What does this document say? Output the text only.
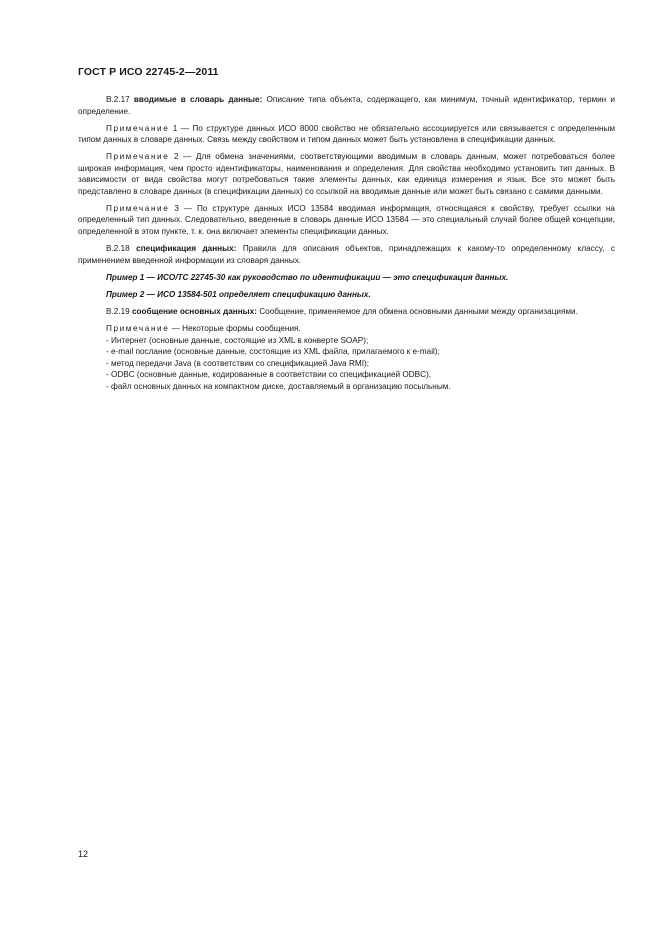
ГОСТ Р ИСО 22745-2—2011

B.2.17 вводимые в словарь данные: Описание типа объекта, содержащего, как минимум, точный идентификатор, термин и определение.

Примечание 1 — По структуре данных ИСО 8000 свойство не обязательно ассоциируется или связывается с определенным типом данных в словаре данных. Связь между свойством и типом данных может быть установлена в спецификации данных.

Примечание 2 — Для обмена значениями, соответствующими вводимым в словарь данным, может потребоваться более широкая информация, чем просто идентификаторы, наименования и определения. Для свойства необходимо установить тип данных. В зависимости от вида свойства могут потребоваться такие элементы данных, как единица измерения и язык. Все это может быть представлено в словаре данных (в спецификации данных) со ссылкой на вводимые данные или может быть связано с самими данными.

Примечание 3 — По структуре данных ИСО 13584 вводимая информация, относящаяся к свойству, требует ссылки на определенный тип данных. Следовательно, введенные в словарь данные ИСО 13584 — это специальный случай более общей концепции, определенной в этом пункте, т. к. она включает элементы спецификации данных.

B.2.18 спецификация данных: Правила для описания объектов, принадлежащих к какому-то определенному классу, с применением введенной информации из словаря данных.

Пример 1 — ИСО/ТС 22745-30 как руководство по идентификации — это спецификация данных.

Пример 2 — ИСО 13584-501 определяет спецификацию данных.

B.2.19 сообщение основных данных: Сообщение, применяемое для обмена основными данными между организациями.

Примечание — Некоторые формы сообщения.

- Интернет (основные данные, состоящие из XML в конверте SOAP);
- e-mail послание (основные данные, состоящие из XML файла, прилагаемого к e-mail);
- метод передачи Java (в соответствии со спецификацией Java RMI);
- ODBC (основные данные, кодированные в соответствии со спецификацией ODBC),
- файл основных данных на компактном диске, доставляемый в организацию посыльным.
12
